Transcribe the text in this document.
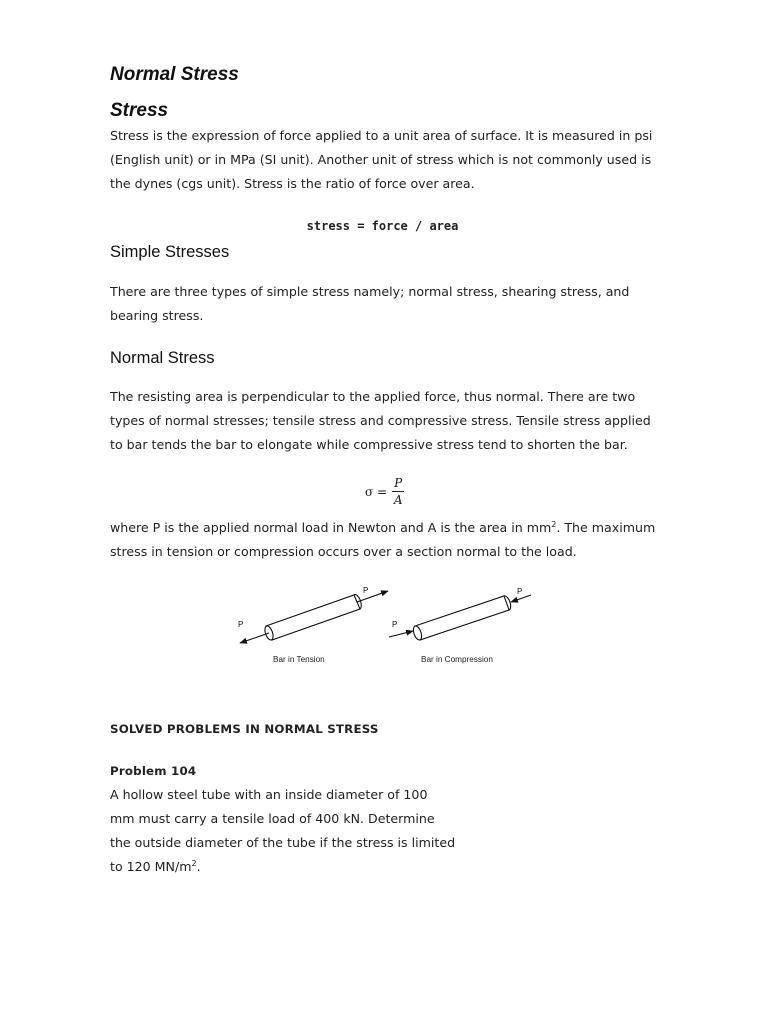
Normal Stress
Stress
Stress is the expression of force applied to a unit area of surface. It is measured in psi
(English unit) or in MPa (SI unit). Another unit of stress which is not commonly used is
the dynes (cgs unit). Stress is the ratio of force over area.
stress = force / area
Simple Stresses
There are three types of simple stress namely; normal stress, shearing stress, and
bearing stress.
Normal Stress
The resisting area is perpendicular to the applied force, thus normal. There are two
types of normal stresses; tensile stress and compressive stress. Tensile stress applied
to bar tends the bar to elongate while compressive stress tend to shorten the bar.
$\sigma = \frac{P}{A}$
where P is the applied normal load in Newton and A is the area in $mm^2$. The maximum
stress in tension or compression occurs over a section normal to the load.
P
P
P
P
Bar in Tension	Bar in Compression
SOLVED PROBLEMS IN NORMAL STRESS
Problem 104
A hollow steel tube with an inside diameter of 100
mm must carry a tensile load of 400 kN. Determine
the outside diameter of the tube if the stress is limited
to 120 $MN/m^2$.
